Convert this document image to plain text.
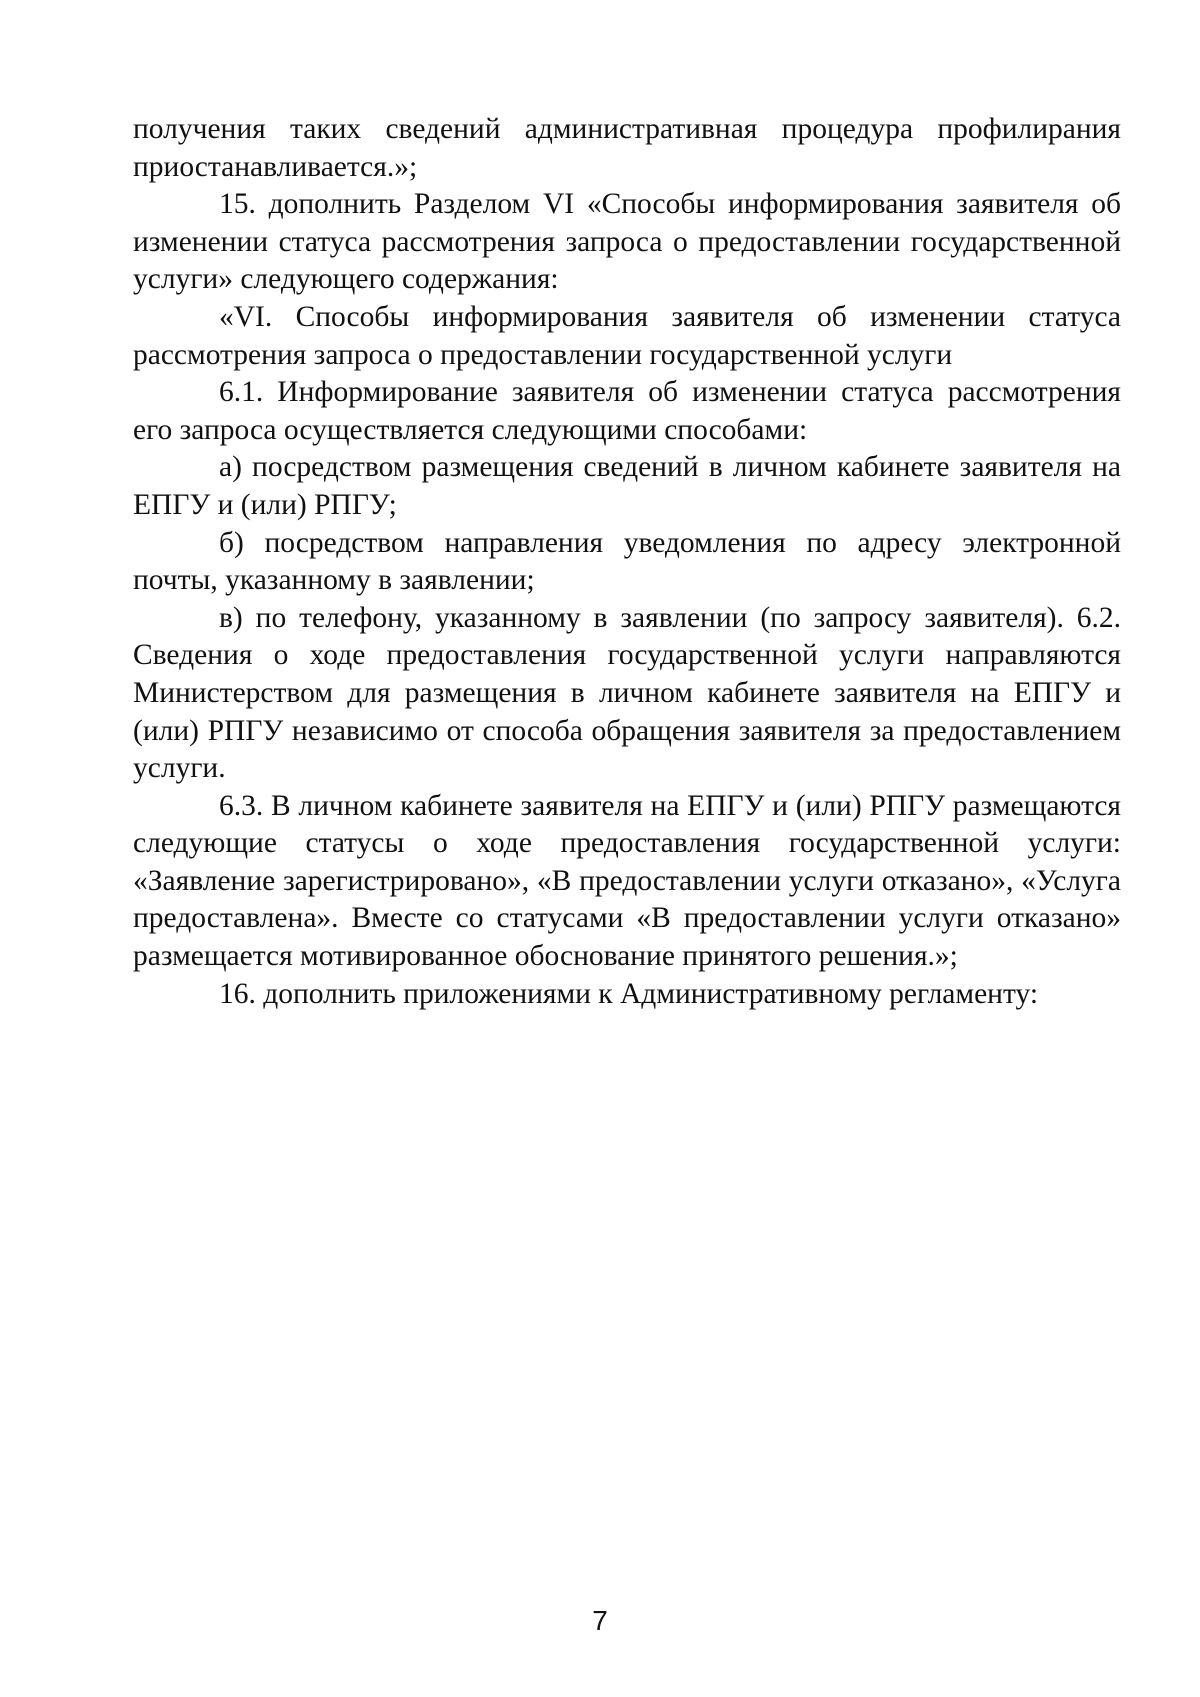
получения таких сведений административная процедура профилирания приостанавливается.»;

15. дополнить Разделом VI «Способы информирования заявителя об изменении статуса рассмотрения запроса о предоставлении государственной услуги» следующего содержания:

«VI. Способы информирования заявителя об изменении статуса рассмотрения запроса о предоставлении государственной услуги

6.1. Информирование заявителя об изменении статуса рассмотрения его запроса осуществляется следующими способами:

а) посредством размещения сведений в личном кабинете заявителя на ЕПГУ и (или) РПГУ;

б) посредством направления уведомления по адресу электронной почты, указанному в заявлении;

в) по телефону, указанному в заявлении (по запросу заявителя). 6.2. Сведения о ходе предоставления государственной услуги направляются Министерством для размещения в личном кабинете заявителя на ЕПГУ и (или) РПГУ независимо от способа обращения заявителя за предоставлением услуги.

6.3. В личном кабинете заявителя на ЕПГУ и (или) РПГУ размещаются следующие статусы о ходе предоставления государственной услуги: «Заявление зарегистрировано», «В предоставлении услуги отказано», «Услуга предоставлена». Вместе со статусами «В предоставлении услуги отказано» размещается мотивированное обоснование принятого решения.»;

16. дополнить приложениями к Административному регламенту:

7
